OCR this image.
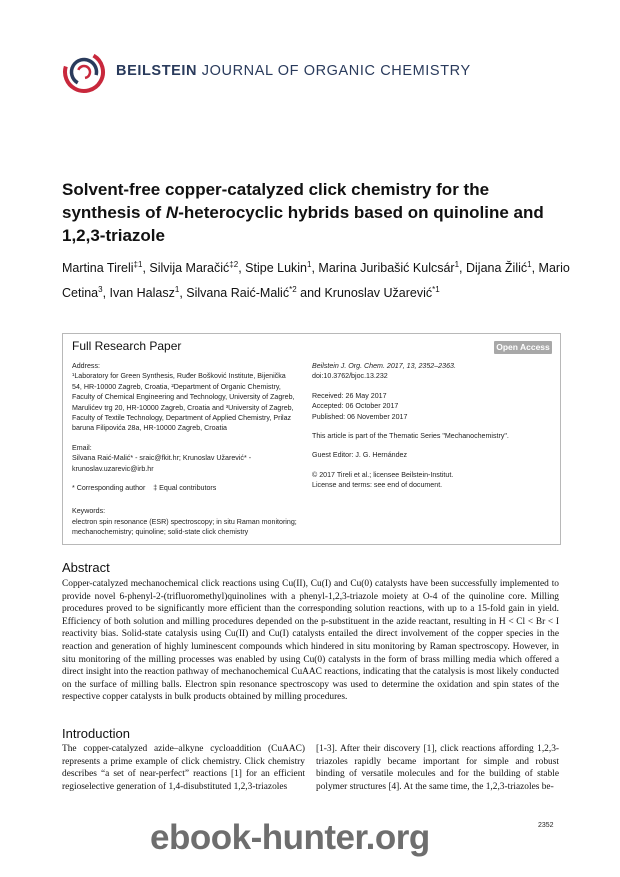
BEILSTEIN JOURNAL OF ORGANIC CHEMISTRY
Solvent-free copper-catalyzed click chemistry for the synthesis of N-heterocyclic hybrids based on quinoline and 1,2,3-triazole
Martina Tireli$^{\ddagger 1}$, Silvija Maračić$^{\ddagger 2}$, Stipe Lukin$^1$, Marina Juribašić Kulcsár$^1$, Dijana Žilić$^1$, Mario Cetina$^3$, Ivan Halasz$^1$, Silvana Raić-Malić$^{*2}$ and Krunoslav Užarević$^{*1}$
Full Research Paper	Open Access
Address:
¹Laboratory for Green Synthesis, Ruđer Bošković Institute, Bijenička 54, HR-10000 Zagreb, Croatia, ²Department of Organic Chemistry, Faculty of Chemical Engineering and Technology, University of Zagreb, Marulićev trg 20, HR-10000 Zagreb, Croatia and ³University of Zagreb, Faculty of Textile Technology, Department of Applied Chemistry, Prilaz baruna Filipovića 28a, HR-10000 Zagreb, Croatia
Email:
Silvana Raić-Malić* - sraic@fkit.hr; Krunoslav Užarević* - krunoslav.uzarevic@irb.hr
* Corresponding author    ‡ Equal contributors
Keywords:
electron spin resonance (ESR) spectroscopy; in situ Raman monitoring; mechanochemistry; quinoline; solid-state click chemistry
Beilstein J. Org. Chem. 2017, 13, 2352–2363.
doi:10.3762/bjoc.13.232
Received: 26 May 2017
Accepted: 06 October 2017
Published: 06 November 2017
This article is part of the Thematic Series "Mechanochemistry".
Guest Editor: J. G. Hernández
© 2017 Tireli et al.; licensee Beilstein-Institut.
License and terms: see end of document.
Abstract
Copper-catalyzed mechanochemical click reactions using Cu(II), Cu(I) and Cu(0) catalysts have been successfully implemented to provide novel 6-phenyl-2-(trifluoromethyl)quinolines with a phenyl-1,2,3-triazole moiety at O-4 of the quinoline core. Milling procedures proved to be significantly more efficient than the corresponding solution reactions, with up to a 15-fold gain in yield. Efficiency of both solution and milling procedures depended on the p-substituent in the azide reactant, resulting in H < Cl < Br < I reactivity bias. Solid-state catalysis using Cu(II) and Cu(I) catalysts entailed the direct involvement of the copper species in the reaction and generation of highly luminescent compounds which hindered in situ monitoring by Raman spectroscopy. However, in situ monitoring of the milling processes was enabled by using Cu(0) catalysts in the form of brass milling media which offered a direct insight into the reaction pathway of mechanochemical CuAAC reactions, indicating that the catalysis is most likely conducted on the surface of milling balls. Electron spin resonance spectroscopy was used to determine the oxidation and spin states of the respective copper catalysts in bulk products obtained by milling procedures.
Introduction
The copper-catalyzed azide–alkyne cycloaddition (CuAAC) represents a prime example of click chemistry. Click chemistry describes “a set of near-perfect” reactions [1] for an efficient regioselective generation of 1,4-disubstituted 1,2,3-triazoles
[1-3]. After their discovery [1], click reactions affording 1,2,3-triazoles rapidly became important for simple and robust binding of versatile molecules and for the building of stable polymer structures [4]. At the same time, the 1,2,3-triazoles be-
2352
ebook-hunter.org
